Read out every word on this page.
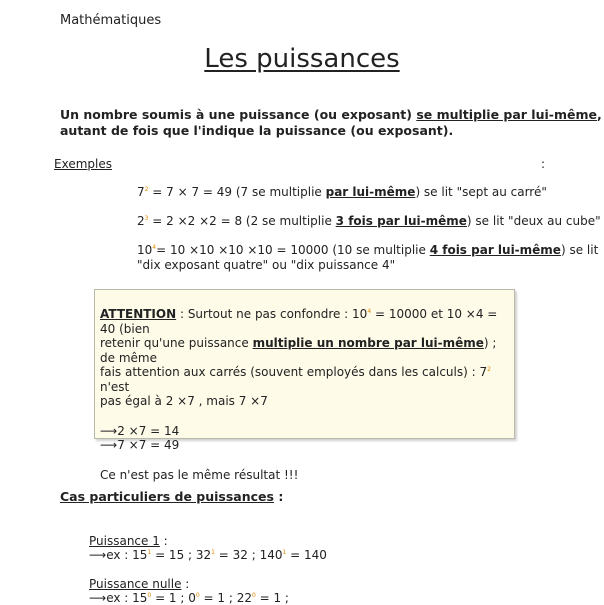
Mathématiques
Les puissances
Un nombre soumis à une puissance (ou exposant) se multiplie par lui-même,
autant de fois que l'indique la puissance (ou exposant).
Exemples	:
$7^2 = 7 \times 7 = 49$ (7 se multiplie par lui-même) se lit "sept au carré"
$2^3 = 2 \times 2 \times 2 = 8$ (2 se multiplie 3 fois par lui-même) se lit "deux au cube"
$10^4= 10 \times 10 \times 10 \times 10 = 10000$ (10 se multiplie 4 fois par lui-même) se lit
"dix exposant quatre" ou "dix puissance 4"
ATTENTION : Surtout ne pas confondre : $10^4 = 10000$ et 10 ×4 = 40 (bien
retenir qu'une puissance multiplie un nombre par lui-même) ; de même
fais attention aux carrés (souvent employés dans les calculs) : $7^2$ n'est
pas égal à 2 ×7 , mais 7 ×7
⟶2 ×7 = 14
⟶7 ×7 = 49
Ce n'est pas le même résultat !!!
Cas particuliers de puissances :
Puissance 1 :
⟶ex : $15^1 = 15$ ; $32^1 = 32$ ; $140^1 = 140$
Puissance nulle :
⟶ex : $15^0 = 1$ ; $0^0 = 1$ ; $22^0 = 1$ ;
